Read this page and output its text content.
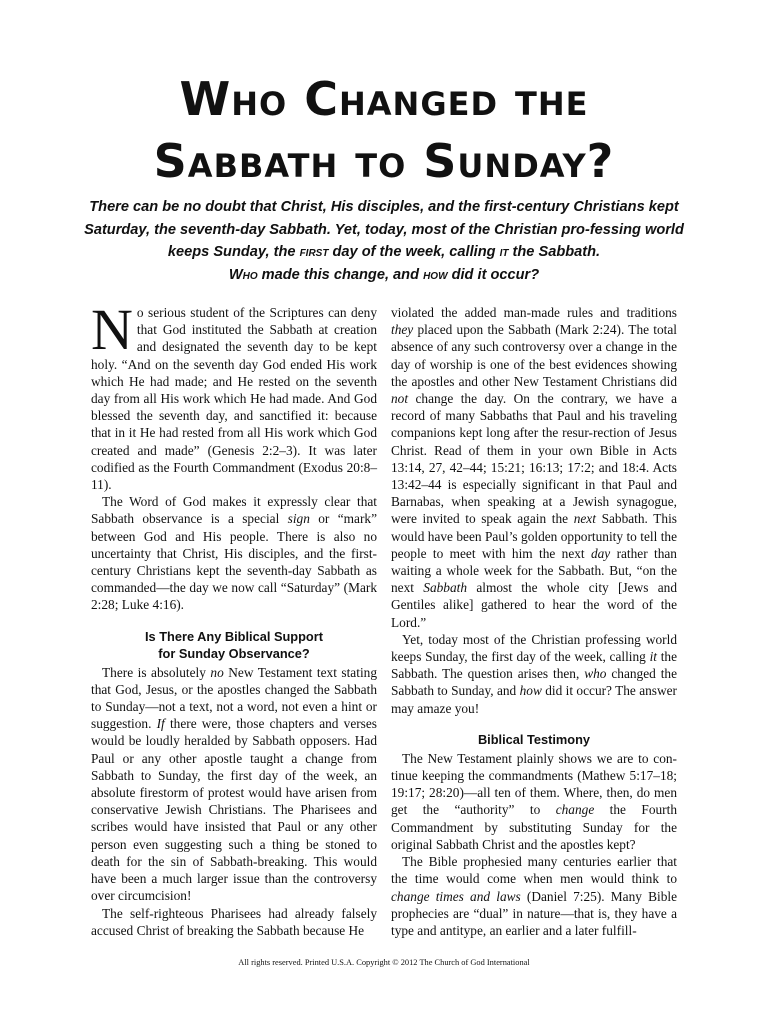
Who Changed the
Sabbath to Sunday?

There can be no doubt that Christ, His disciples, and the first-century Christians kept Saturday, the seventh-day Sabbath. Yet, today, most of the Christian pro-fessing world keeps Sunday, the first day of the week, calling it the Sabbath.
Who made this change, and how did it occur?

No serious student of the Scriptures can deny that God instituted the Sabbath at creation and designated the seventh day to be kept holy. “And on the seventh day God ended His work which He had made; and He rested on the seventh day from all His work which He had made. And God blessed the seventh day, and sanctified it: because that in it He had rested from all His work which God created and made” (Genesis 2:2–3). It was later codified as the Fourth Commandment (Exodus 20:8–11).

The Word of God makes it expressly clear that Sabbath observance is a special sign or “mark” between God and His people. There is also no uncertainty that Christ, His disciples, and the first-century Christians kept the seventh-day Sabbath as commanded—the day we now call “Saturday” (Mark 2:28; Luke 4:16).

Is There Any Biblical Support
for Sunday Observance?

There is absolutely no New Testament text stating that God, Jesus, or the apostles changed the Sabbath to Sunday—not a text, not a word, not even a hint or suggestion. If there were, those chapters and verses would be loudly heralded by Sabbath opposers. Had Paul or any other apostle taught a change from Sabbath to Sunday, the first day of the week, an absolute firestorm of protest would have arisen from conservative Jewish Christians. The Pharisees and scribes would have insisted that Paul or any other person even suggesting such a thing be stoned to death for the sin of Sabbath-breaking. This would have been a much larger issue than the controversy over circumcision!

The self-righteous Pharisees had already falsely accused Christ of breaking the Sabbath because He

violated the added man-made rules and traditions they placed upon the Sabbath (Mark 2:24). The total absence of any such controversy over a change in the day of worship is one of the best evidences showing the apostles and other New Testament Christians did not change the day. On the contrary, we have a record of many Sabbaths that Paul and his traveling companions kept long after the resur-rection of Jesus Christ. Read of them in your own Bible in Acts 13:14, 27, 42–44; 15:21; 16:13; 17:2; and 18:4. Acts 13:42–44 is especially significant in that Paul and Barnabas, when speaking at a Jewish synagogue, were invited to speak again the next Sabbath. This would have been Paul’s golden opportunity to tell the people to meet with him the next day rather than waiting a whole week for the Sabbath. But, “on the next Sabbath almost the whole city [Jews and Gentiles alike] gathered to hear the word of the Lord.”

Yet, today most of the Christian professing world keeps Sunday, the first day of the week, calling it the Sabbath. The question arises then, who changed the Sabbath to Sunday, and how did it occur? The answer may amaze you!

Biblical Testimony

The New Testament plainly shows we are to con-tinue keeping the commandments (Mathew 5:17–18; 19:17; 28:20)—all ten of them. Where, then, do men get the “authority” to change the Fourth Commandment by substituting Sunday for the original Sabbath Christ and the apostles kept?

The Bible prophesied many centuries earlier that the time would come when men would think to change times and laws (Daniel 7:25). Many Bible prophecies are “dual” in nature—that is, they have a type and antitype, an earlier and a later fulfill-

All rights reserved. Printed U.S.A. Copyright © 2012 The Church of God International
